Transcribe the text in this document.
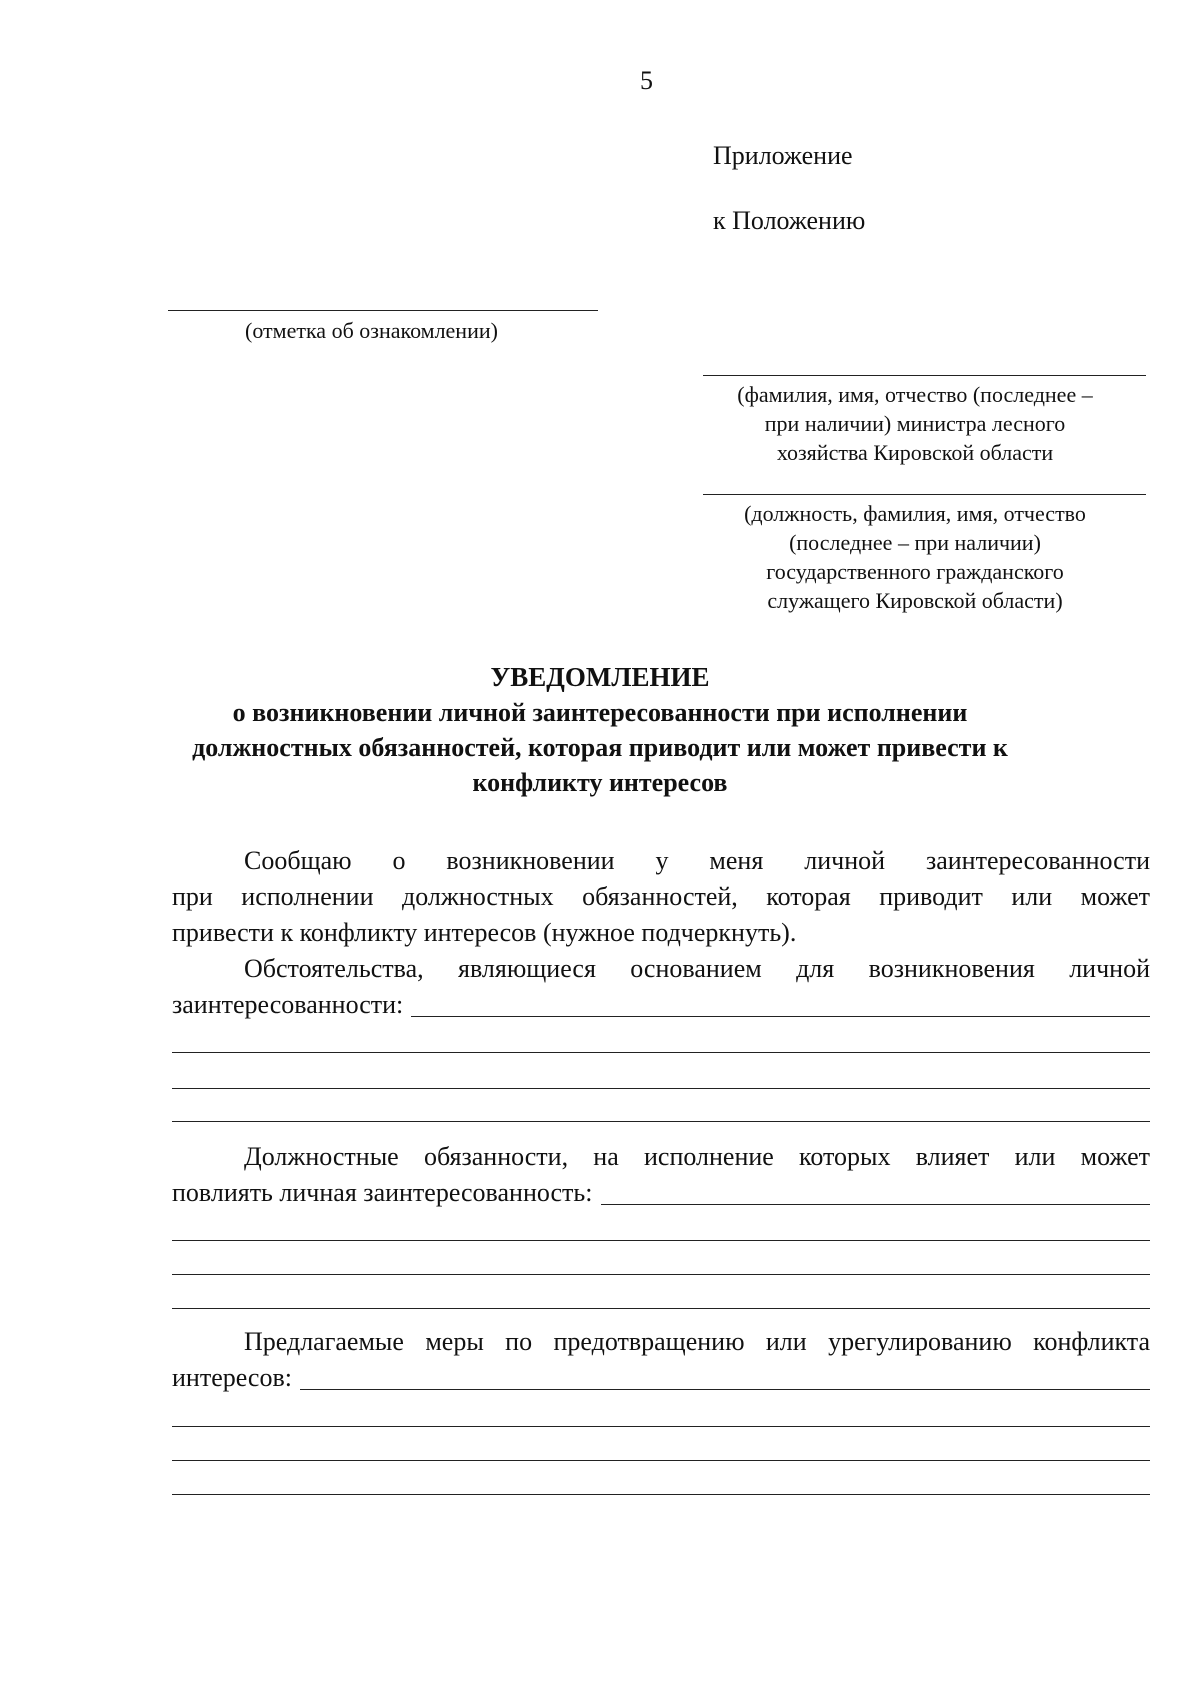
5
Приложение
к Положению
(отметка об ознакомлении)
(фамилия, имя, отчество (последнее –
при наличии) министра лесного
хозяйства Кировской области
(должность, фамилия, имя, отчество
(последнее – при наличии)
государственного гражданского
служащего Кировской области)
УВЕДОМЛЕНИЕ
о возникновении личной заинтересованности при исполнении
должностных обязанностей, которая приводит или может привести к
конфликту интересов
Сообщаю о возникновении у меня личной заинтересованности
при исполнении должностных обязанностей, которая приводит или может
привести к конфликту интересов (нужное подчеркнуть).
Обстоятельства, являющиеся основанием для возникновения личной
заинтересованности:
Должностные обязанности, на исполнение которых влияет или может
повлиять личная заинтересованность:
Предлагаемые меры по предотвращению или урегулированию конфликта
интересов:
